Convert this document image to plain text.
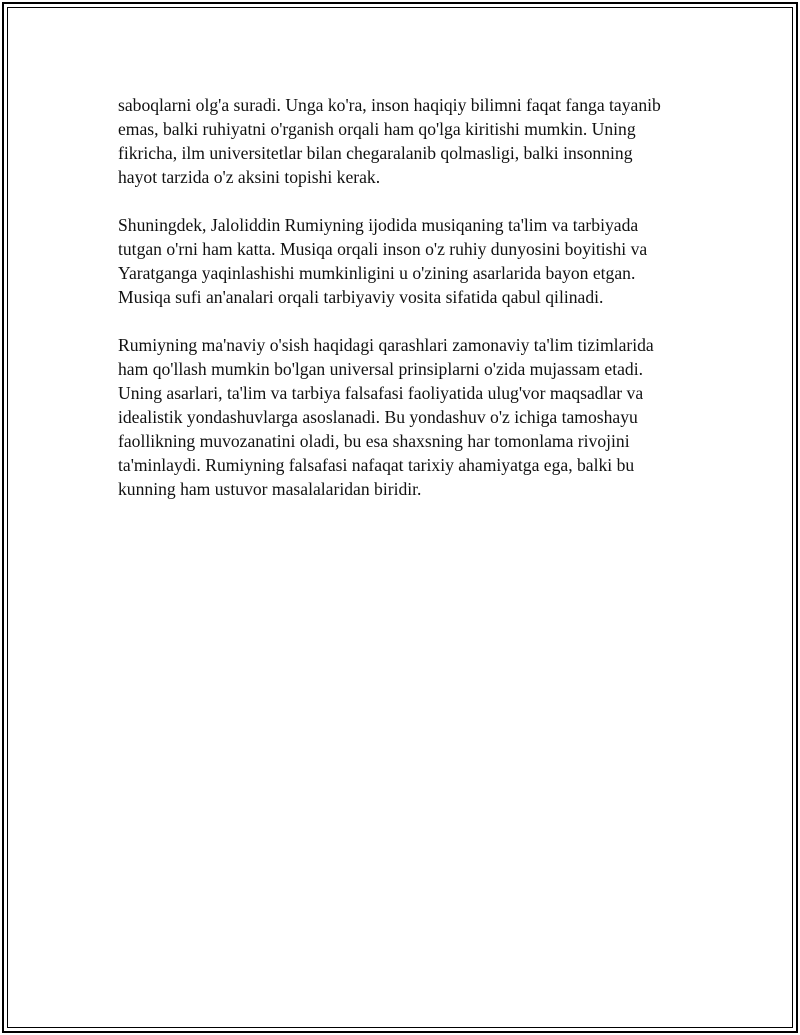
saboqlarni olg'a suradi. Unga ko'ra, inson haqiqiy bilimni faqat fanga tayanib
emas, balki ruhiyatni o'rganish orqali ham qo'lga kiritishi mumkin. Uning
fikricha, ilm universitetlar bilan chegaralanib qolmasligi, balki insonning
hayot tarzida o'z aksini topishi kerak.

Shuningdek, Jaloliddin Rumiyning ijodida musiqaning ta'lim va tarbiyada
tutgan o'rni ham katta. Musiqa orqali inson o'z ruhiy dunyosini boyitishi va
Yaratganga yaqinlashishi mumkinligini u o'zining asarlarida bayon etgan.
Musiqa sufi an'analari orqali tarbiyaviy vosita sifatida qabul qilinadi.

Rumiyning ma'naviy o'sish haqidagi qarashlari zamonaviy ta'lim tizimlarida
ham qo'llash mumkin bo'lgan universal prinsiplarni o'zida mujassam etadi.
Uning asarlari, ta'lim va tarbiya falsafasi faoliyatida ulug'vor maqsadlar va
idealistik yondashuvlarga asoslanadi. Bu yondashuv o'z ichiga tamoshayu
faollikning muvozanatini oladi, bu esa shaxsning har tomonlama rivojini
ta'minlaydi. Rumiyning falsafasi nafaqat tarixiy ahamiyatga ega, balki bu
kunning ham ustuvor masalalaridan biridir.
